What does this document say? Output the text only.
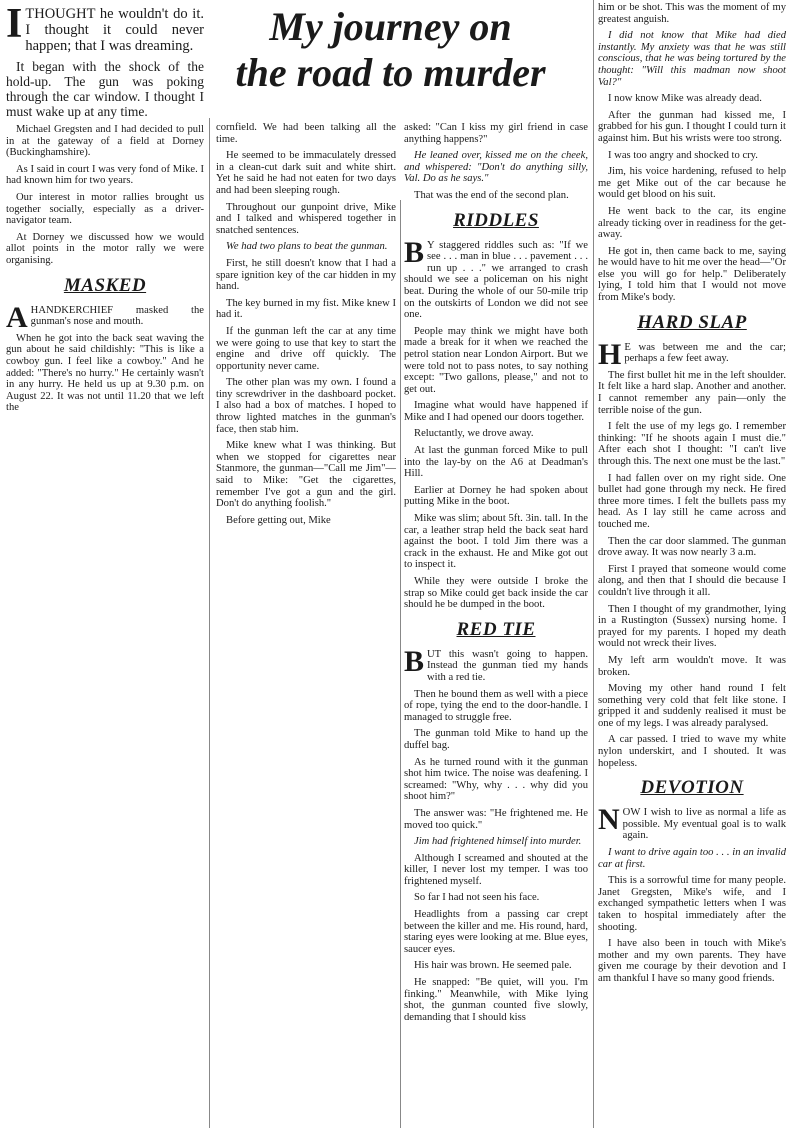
My journey on
the road to murder

ITHOUGHT he wouldn't do it. I thought it could never happen; that I was dreaming.

It began with the shock of the hold-up. The gun was poking through the car window. I thought I must wake up at any time.

Michael Gregsten and I had decided to pull in at the gateway of a field at Dorney (Buckinghamshire).

As I said in court I was very fond of Mike. I had known him for two years.

Our interest in motor rallies brought us together socially, especially as a driver-navigator team.

At Dorney we discussed how we would allot points in the motor rally we were organising.

MASKED

AHANDKERCHIEF masked the gunman's nose and mouth.

When he got into the back seat waving the gun about he said childishly: "This is like a cowboy gun. I feel like a cowboy." And he added: "There's no hurry." He certainly wasn't in any hurry. He held us up at 9.30 p.m. on August 22. It was not until 11.20 that we left the

cornfield. We had been talking all the time.

He seemed to be immaculately dressed in a clean-cut dark suit and white shirt. Yet he said he had not eaten for two days and had been sleeping rough.

Throughout our gunpoint drive, Mike and I talked and whispered together in snatched sentences.

We had two plans to beat the gunman.

First, he still doesn't know that I had a spare ignition key of the car hidden in my hand.

The key burned in my fist. Mike knew I had it.

If the gunman left the car at any time we were going to use that key to start the engine and drive off quickly. The opportunity never came.

The other plan was my own. I found a tiny screwdriver in the dashboard pocket. I also had a box of matches. I hoped to throw lighted matches in the gunman's face, then stab him.

Mike knew what I was thinking. But when we stopped for cigarettes near Stanmore, the gunman—"Call me Jim"—said to Mike: "Get the cigarettes, remember I've got a gun and the girl. Don't do anything foolish."

Before getting out, Mike

asked: "Can I kiss my girl friend in case anything happens?"

He leaned over, kissed me on the cheek, and whispered: "Don't do anything silly, Val. Do as he says."

That was the end of the second plan.

RIDDLES

B Y staggered riddles such as: "If we see . . . man in blue . . . pavement . . . run up . . ." we arranged to crash should we see a policeman on his night beat. During the whole of our 50-mile trip on the outskirts of London we did not see one.

People may think we might have both made a break for it when we reached the petrol station near London Airport. But we were told not to pass notes, to say nothing except: "Two gallons, please," and not to get out.

Imagine what would have happened if Mike and I had opened our doors together.

Reluctantly, we drove away.

At last the gunman forced Mike to pull into the lay-by on the A6 at Deadman's Hill.

Earlier at Dorney he had spoken about putting Mike in the boot.

Mike was slim; about 5ft. 3in. tall. In the car, a leather strap held the back seat hard against the boot. I told Jim there was a crack in the exhaust. He and Mike got out to inspect it.

While they were outside I broke the strap so Mike could get back inside the car should he be dumped in the boot.

RED TIE

BUT this wasn't going to happen. Instead the gunman tied my hands with a red tie.

Then he bound them as well with a piece of rope, tying the end to the door-handle. I managed to struggle free.

The gunman told Mike to hand up the duffel bag.

As he turned round with it the gunman shot him twice. The noise was deafening. I screamed: "Why, why . . . why did you shoot him?"

The answer was: "He frightened me. He moved too quick."

Jim had frightened himself into murder.

Although I screamed and shouted at the killer, I never lost my temper. I was too frightened myself.

So far I had not seen his face.

Headlights from a passing car crept between the killer and me. His round, hard, staring eyes were looking at me. Blue eyes, saucer eyes.

His hair was brown. He seemed pale.

He snapped: "Be quiet, will you. I'm finking." Meanwhile, with Mike lying shot, the gunman counted five slowly, demanding that I should kiss

him or be shot. This was the moment of my greatest anguish.

I did not know that Mike had died instantly. My anxiety was that he was still conscious, that he was being tortured by the thought: "Will this madman now shoot Val?"

I now know Mike was already dead.

After the gunman had kissed me, I grabbed for his gun. I thought I could turn it against him. But his wrists were too strong.

I was too angry and shocked to cry.

Jim, his voice hardening, refused to help me get Mike out of the car because he would get blood on his suit.

He went back to the car, its engine already ticking over in readiness for the get-away.

He got in, then came back to me, saying he would have to hit me over the head—"Or else you will go for help." Deliberately lying, I told him that I would not move from Mike's body.

HARD SLAP

H E was between me and the car; perhaps a few feet away.

The first bullet hit me in the left shoulder. It felt like a hard slap. Another and another. I cannot remember any pain—only the terrible noise of the gun.

I felt the use of my legs go. I remember thinking: "If he shoots again I must die." After each shot I thought: "I can't live through this. The next one must be the last."

I had fallen over on my right side. One bullet had gone through my neck. He fired three more times. I felt the bullets pass my head. As I lay still he came across and touched me.

Then the car door slammed. The gunman drove away. It was now nearly 3 a.m.

First I prayed that someone would come along, and then that I should die because I couldn't live through it all.

Then I thought of my grandmother, lying in a Rustington (Sussex) nursing home. I prayed for my parents. I hoped my death would not wreck their lives.

My left arm wouldn't move. It was broken.

Moving my other hand round I felt something very cold that felt like stone. I gripped it and suddenly realised it must be one of my legs. I was already paralysed.

A car passed. I tried to wave my white nylon underskirt, and I shouted. It was hopeless.

DEVOTION

NOW I wish to live as normal a life as possible. My eventual goal is to walk again.

I want to drive again too . . . in an invalid car at first.

This is a sorrowful time for many people. Janet Gregsten, Mike's wife, and I exchanged sympathetic letters when I was taken to hospital immediately after the shooting.

I have also been in touch with Mike's mother and my own parents. They have given me courage by their devotion and I am thankful I have so many good friends.
